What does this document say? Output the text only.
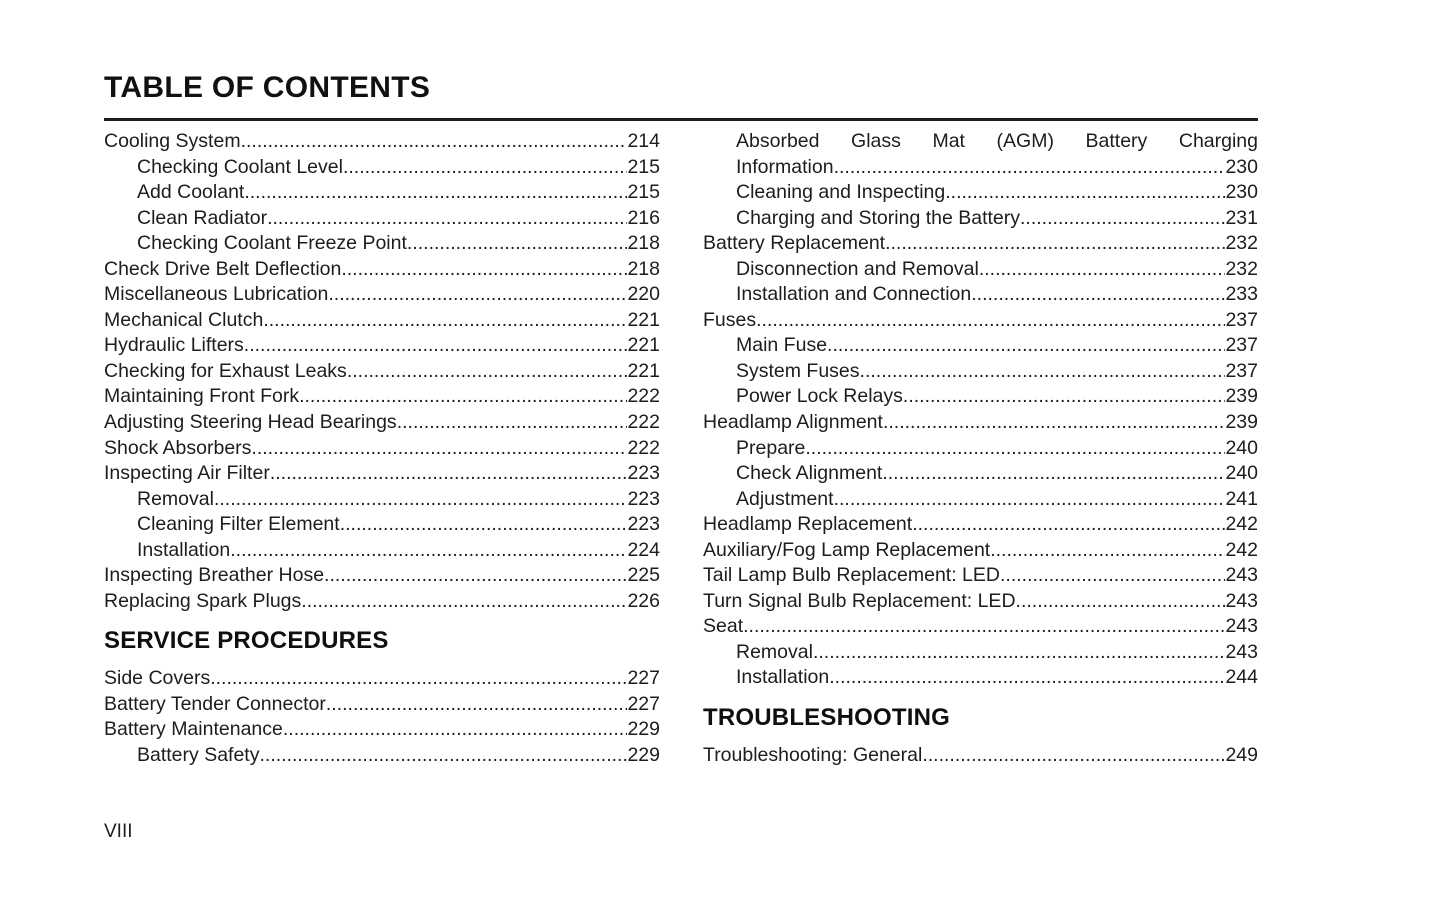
TABLE OF CONTENTS
Cooling System .....	214
Checking Coolant Level .....	215
Add Coolant .....	215
Clean Radiator .....	216
Checking Coolant Freeze Point .....	218
Check Drive Belt Deflection .....	218
Miscellaneous Lubrication .....	220
Mechanical Clutch .....	221
Hydraulic Lifters .....	221
Checking for Exhaust Leaks .....	221
Maintaining Front Fork .....	222
Adjusting Steering Head Bearings .....	222
Shock Absorbers .....	222
Inspecting Air Filter .....	223
Removal .....	223
Cleaning Filter Element .....	223
Installation .....	224
Inspecting Breather Hose .....	225
Replacing Spark Plugs .....	226
SERVICE PROCEDURES
Side Covers .....	227
Battery Tender Connector .....	227
Battery Maintenance .....	229
Battery Safety .....	229
Absorbed Glass Mat (AGM) Battery Charging
Information .....	230
Cleaning and Inspecting .....	230
Charging and Storing the Battery .....	231
Battery Replacement .....	232
Disconnection and Removal .....	232
Installation and Connection .....	233
Fuses .....	237
Main Fuse .....	237
System Fuses .....	237
Power Lock Relays .....	239
Headlamp Alignment .....	239
Prepare .....	240
Check Alignment .....	240
Adjustment .....	241
Headlamp Replacement .....	242
Auxiliary/Fog Lamp Replacement .....	242
Tail Lamp Bulb Replacement: LED .....	243
Turn Signal Bulb Replacement: LED .....	243
Seat .....	243
Removal .....	243
Installation .....	244
TROUBLESHOOTING
Troubleshooting: General .....	249
VIII
